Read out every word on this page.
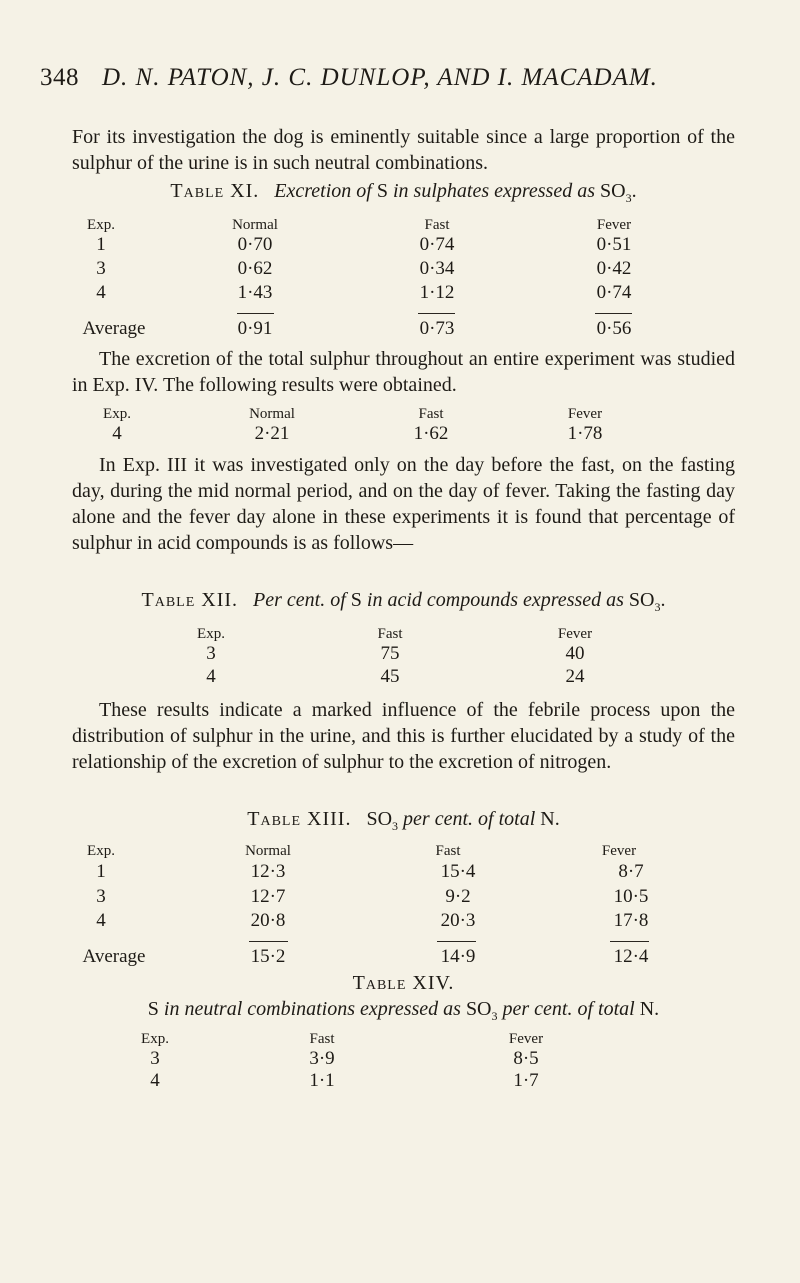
348 D. N. PATON, J. C. DUNLOP, AND I. MACADAM.
For its investigation the dog is eminently suitable since a large proportion of the sulphur of the urine is in such neutral combinations.
Table XI. Excretion of S in sulphates expressed as $SO_3$.
Exp.	Normal	Fast	Fever
1	0·70	0·74	0·51
3	0·62	0·34	0·42
4	1·43	1·12	0·74
Average	0·91	0·73	0·56
The excretion of the total sulphur throughout an entire experiment was studied in Exp. IV. The following results were obtained.
Exp.	Normal	Fast	Fever
4	2·21	1·62	1·78
In Exp. III it was investigated only on the day before the fast, on the fasting day, during the mid normal period, and on the day of fever. Taking the fasting day alone and the fever day alone in these experiments it is found that percentage of sulphur in acid compounds is as follows—
Table XII. Per cent. of S in acid compounds expressed as $SO_3$.
Exp.	Fast	Fever
3	75	40
4	45	24
These results indicate a marked influence of the febrile process upon the distribution of sulphur in the urine, and this is further elucidated by a study of the relationship of the excretion of sulphur to the excretion of nitrogen.
Table XIII. $SO_3$ per cent. of total N.
Exp.	Normal	Fast	Fever
1	12·3	15·4	8·7
3	12·7	9·2	10·5
4	20·8	20·3	17·8
Average	15·2	14·9	12·4
Table XIV.
S in neutral combinations expressed as $SO_3$ per cent. of total N.
Exp.	Fast	Fever
3	3·9	8·5
4	1·1	1·7
